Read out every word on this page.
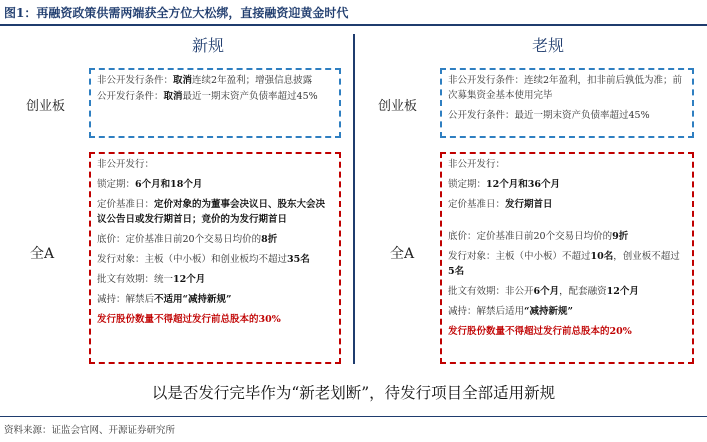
图1：再融资政策供需两端获全方位大松绑，直接融资迎黄金时代
新规	老规
创业板
非公开发行条件：取消连续2年盈利；增强信息披露
公开发行条件：取消最近一期末资产负债率超过45%
全A
非公开发行：
锁定期：6个月和18个月
定价基准日：定价对象的为董事会决议日、股东大会决议公告日或发行期首日；竞价的为发行期首日
底价：定价基准日前20个交易日均价的8折
发行对象：主板（中小板）和创业板均不超过35名
批文有效期：统一12个月
减持：解禁后不适用“减持新规”
发行股份数量不得超过发行前总股本的30%
创业板
非公开发行条件：连续2年盈利，扣非前后孰低为准；前次募集资金基本使用完毕
公开发行条件：最近一期末资产负债率超过45%
全A
非公开发行：
锁定期：12个月和36个月
定价基准日：发行期首日
底价：定价基准日前20个交易日均价的9折
发行对象：主板（中小板）不超过10名，创业板不超过5名
批文有效期：非公开6个月，配套融资12个月
减持：解禁后适用“减持新规”
发行股份数量不得超过发行前总股本的20%
以是否发行完毕作为“新老划断”，待发行项目全部适用新规
资料来源：证监会官网、开源证券研究所
